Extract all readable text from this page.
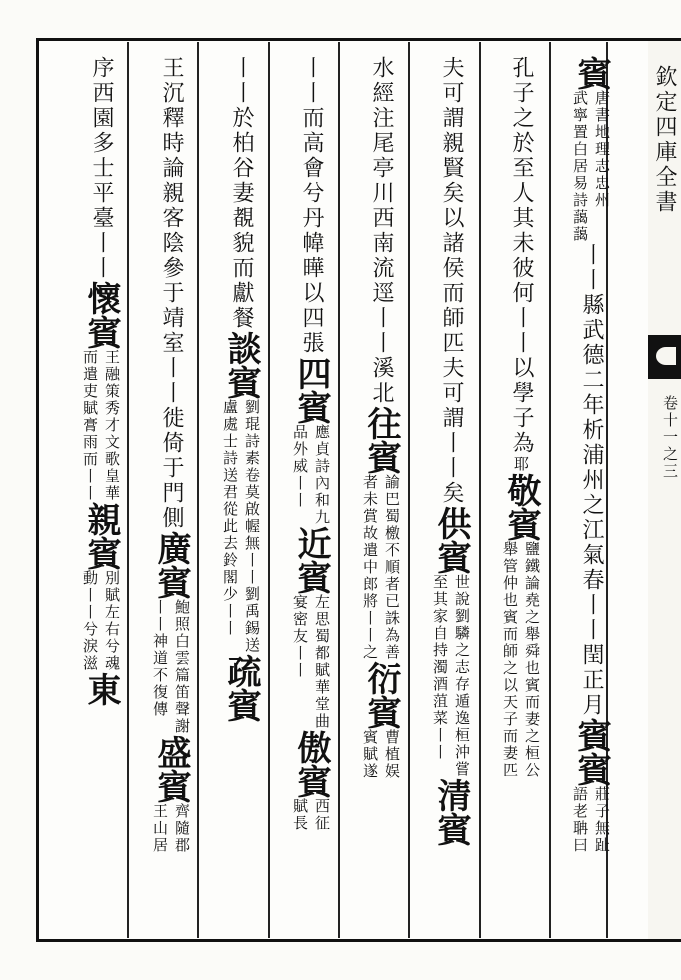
欽定四庫全書
卷十一之三
賓
唐書地理志忠州
武寧置白居易詩藹藹
丨丨縣武德二年析浦州之
江氣春丨丨閏正月
賓賓
莊子無趾
語老聃曰
孔子之於至人其未
彼何丨丨以學子為
耶
敬賓
鹽鐵論堯之舉舜也賓而妻之桓公
舉管仲也賓而師之以天子而妻匹
夫可謂親賢矣以諸侯
而師匹夫可謂丨丨矣
供賓
世說劉驎之志存遁逸桓沖嘗
至其家自持濁酒菹菜丨丨
清賓
水經注尾亭川西
南流逕丨丨溪北
往賓
諭巴蜀檄不順者已誅為善
者未賞故遣中郎將丨丨之
衍賓
曹植娱
賓賦遂
丨丨而高會兮
丹幃曄以四張
四賓
應貞詩內和九
品外威丨丨
近賓
左思蜀都賦華堂曲
宴密友丨丨
傲賓
西征
賦長
丨丨於柏谷妻
覩貌而獻餐
談賓
劉琨詩素卷莫啟幄無丨丨劉禹錫送
盧處士詩送君從此去鈴閣少丨丨
疏賓
王沉釋時論親客陰參于
靖室丨丨徙倚于門側
廣賓
鮑照白雲篇笛聲謝
丨丨神道不復傳
盛賓
齊隨郡
王山居
序西園多士
平臺丨丨
懷賓
王融策秀才文歌皇華
而遣吏賦膏雨而丨丨
親賓
別賦左右兮魂
動丨丨兮淚滋
東
